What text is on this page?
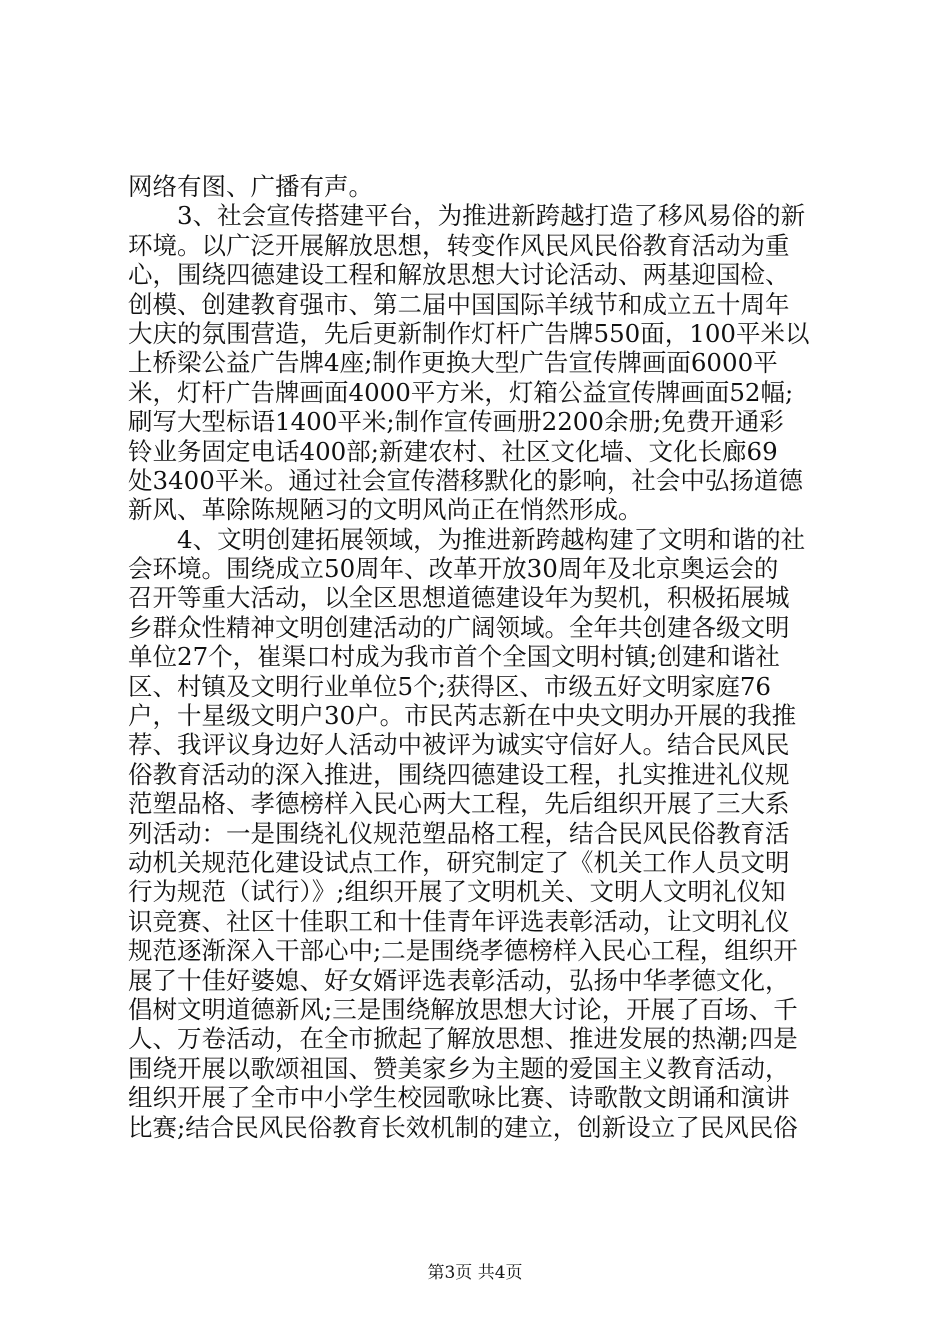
网络有图、广播有声。
　　3、社会宣传搭建平台，为推进新跨越打造了移风易俗的新
环境。以广泛开展解放思想，转变作风民风民俗教育活动为重
心，围绕四德建设工程和解放思想大讨论活动、两基迎国检、
创模、创建教育强市、第二届中国国际羊绒节和成立五十周年
大庆的氛围营造，先后更新制作灯杆广告牌550面，100平米以
上桥梁公益广告牌4座;制作更换大型广告宣传牌画面6000平
米，灯杆广告牌画面4000平方米，灯箱公益宣传牌画面52幅;
刷写大型标语1400平米;制作宣传画册2200余册;免费开通彩
铃业务固定电话400部;新建农村、社区文化墙、文化长廊69
处3400平米。通过社会宣传潜移默化的影响，社会中弘扬道德
新风、革除陈规陋习的文明风尚正在悄然形成。
　　4、文明创建拓展领域，为推进新跨越构建了文明和谐的社
会环境。围绕成立50周年、改革开放30周年及北京奥运会的
召开等重大活动，以全区思想道德建设年为契机，积极拓展城
乡群众性精神文明创建活动的广阔领域。全年共创建各级文明
单位27个，崔渠口村成为我市首个全国文明村镇;创建和谐社
区、村镇及文明行业单位5个;获得区、市级五好文明家庭76
户，十星级文明户30户。市民芮志新在中央文明办开展的我推
荐、我评议身边好人活动中被评为诚实守信好人。结合民风民
俗教育活动的深入推进，围绕四德建设工程，扎实推进礼仪规
范塑品格、孝德榜样入民心两大工程，先后组织开展了三大系
列活动：一是围绕礼仪规范塑品格工程，结合民风民俗教育活
动机关规范化建设试点工作，研究制定了《机关工作人员文明
行为规范（试行）》;组织开展了文明机关、文明人文明礼仪知
识竞赛、社区十佳职工和十佳青年评选表彰活动，让文明礼仪
规范逐渐深入干部心中;二是围绕孝德榜样入民心工程，组织开
展了十佳好婆媳、好女婿评选表彰活动，弘扬中华孝德文化，
倡树文明道德新风;三是围绕解放思想大讨论，开展了百场、千
人、万卷活动，在全市掀起了解放思想、推进发展的热潮;四是
围绕开展以歌颂祖国、赞美家乡为主题的爱国主义教育活动，
组织开展了全市中小学生校园歌咏比赛、诗歌散文朗诵和演讲
比赛;结合民风民俗教育长效机制的建立，创新设立了民风民俗
第3页 共4页
